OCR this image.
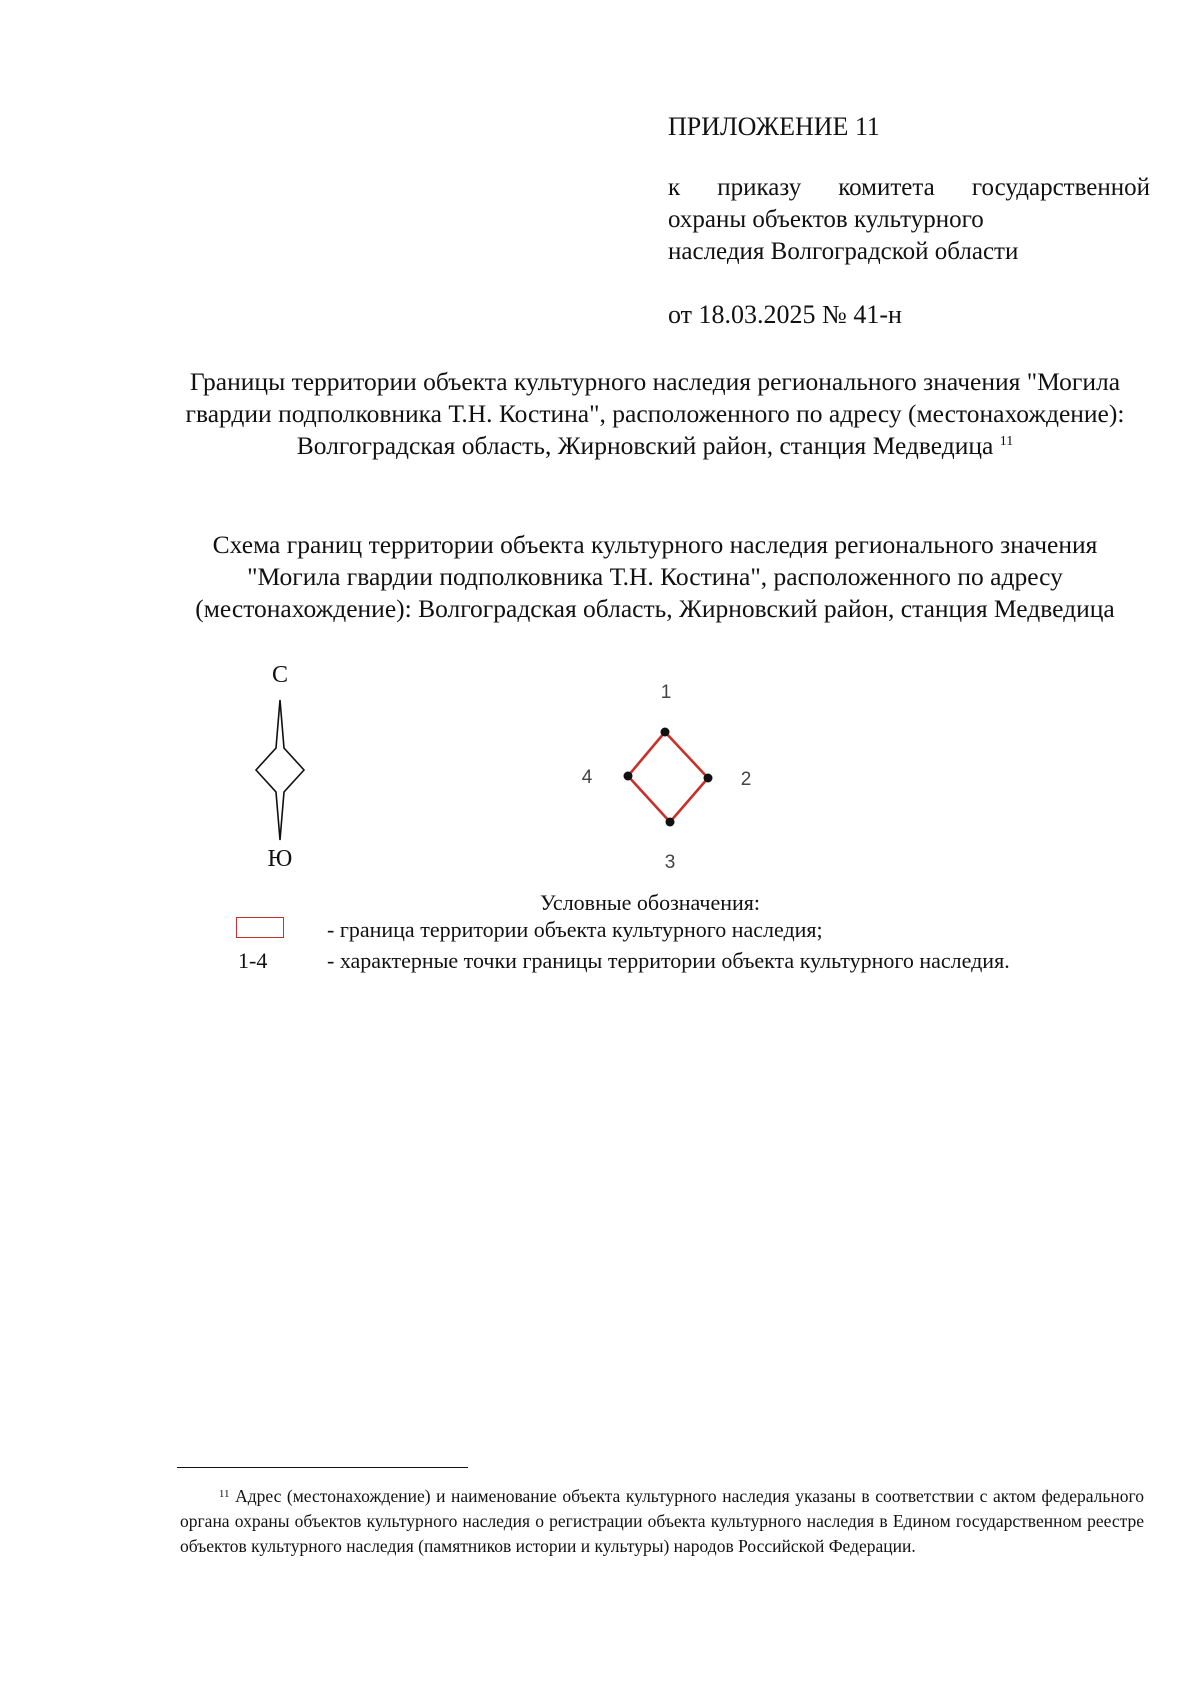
ПРИЛОЖЕНИЕ 11
к приказу комитета государственной
охраны объектов культурного
наследия Волгоградской области
от 18.03.2025 № 41-н
Границы территории объекта культурного наследия регионального значения "Могила гвардии подполковника Т.Н. Костина", расположенного по адресу (местонахождение): Волгоградская область, Жирновский район, станция Медведица $^{11}$
Схема границ территории объекта культурного наследия регионального значения "Могила гвардии подполковника Т.Н. Костина", расположенного по адресу (местонахождение): Волгоградская область, Жирновский район, станция Медведица
С
Ю
1
2
3
4
Условные обозначения:
- граница территории объекта культурного наследия;
1-4	- характерные точки границы территории объекта культурного наследия.
$^{11}$ Адрес (местонахождение) и наименование объекта культурного наследия указаны в соответствии с актом федерального органа охраны объектов культурного наследия о регистрации объекта культурного наследия в Едином государственном реестре объектов культурного наследия (памятников истории и культуры) народов Российской Федерации.
